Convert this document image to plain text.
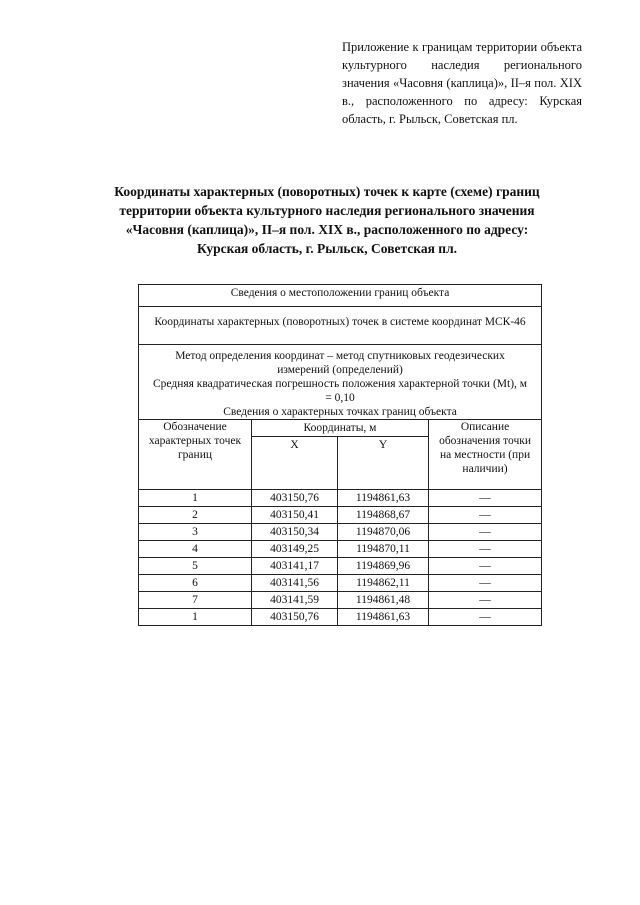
Приложение к границам территории объекта культурного наследия регионального значения «Часовня (каплица)», II–я пол. XIX в., расположенного по адресу: Курская область, г. Рыльск, Советская пл.
Координаты характерных (поворотных) точек к карте (схеме) границ
территории объекта культурного наследия регионального значения
«Часовня (каплица)», II–я пол. XIX в., расположенного по адресу:
Курская область, г. Рыльск, Советская пл.
Сведения о местоположении границ объекта			
Координаты характерных (поворотных) точек в системе координат МСК-46			

Метод определения координат – метод спутниковых геодезических измерений (определений)
Средняя квадратическая погрешность положения характерной точки (Mt), м = 0,10
Сведения о характерных точках границ объекта			

Обозначение характерных точек границ	Координаты, м		Описание обозначения точки на местности (при наличии)
	X	Y	
1	403150,76	1194861,63	—
2	403150,41	1194868,67	—
3	403150,34	1194870,06	—
4	403149,25	1194870,11	—
5	403141,17	1194869,96	—
6	403141,56	1194862,11	—
7	403141,59	1194861,48	—
1	403150,76	1194861,63	—
